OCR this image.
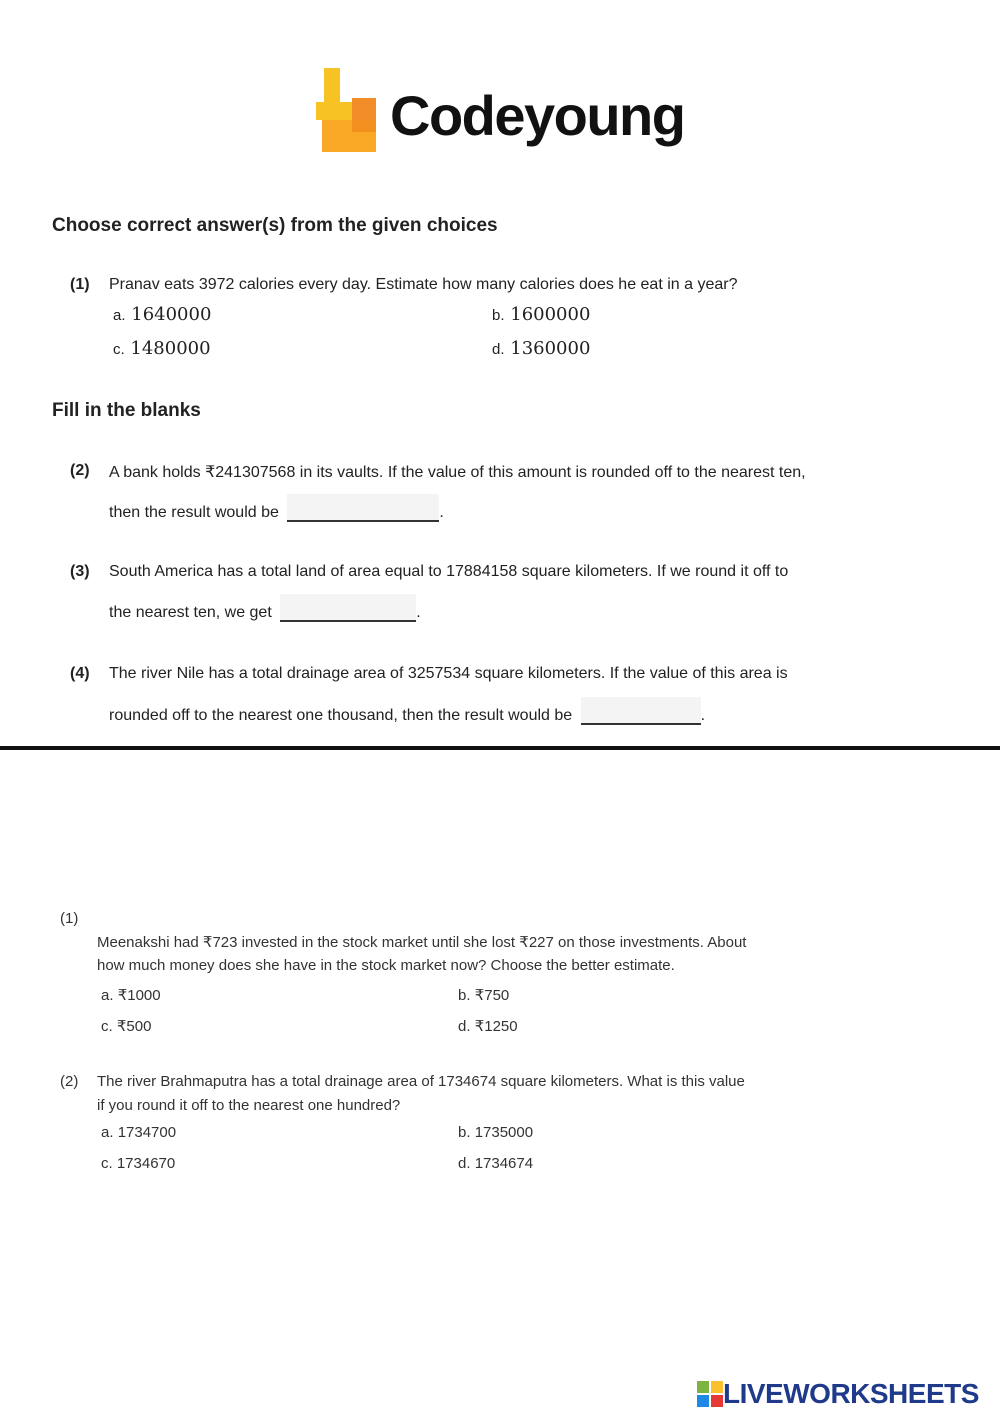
Codeyoung
Choose correct answer(s) from the given choices
(1) Pranav eats 3972 calories every day. Estimate how many calories does he eat in a year?
a. 1640000	b. 1600000
c. 1480000	d. 1360000
Fill in the blanks
(2) A bank holds ₹241307568 in its vaults. If the value of this amount is rounded off to the nearest ten,
then the result would be	.
(3) South America has a total land of area equal to 17884158 square kilometers. If we round it off to
the nearest ten, we get	.
(4) The river Nile has a total drainage area of 3257534 square kilometers. If the value of this area is
rounded off to the nearest one thousand, then the result would be	.
(1)
Meenakshi had ₹723 invested in the stock market until she lost ₹227 on those investments. About
how much money does she have in the stock market now? Choose the better estimate.
a. ₹1000	b. ₹750
c. ₹500	d. ₹1250
(2) The river Brahmaputra has a total drainage area of 1734674 square kilometers. What is this value
if you round it off to the nearest one hundred?
a. 1734700	b. 1735000
c. 1734670	d. 1734674
LIVEWORKSHEETS
